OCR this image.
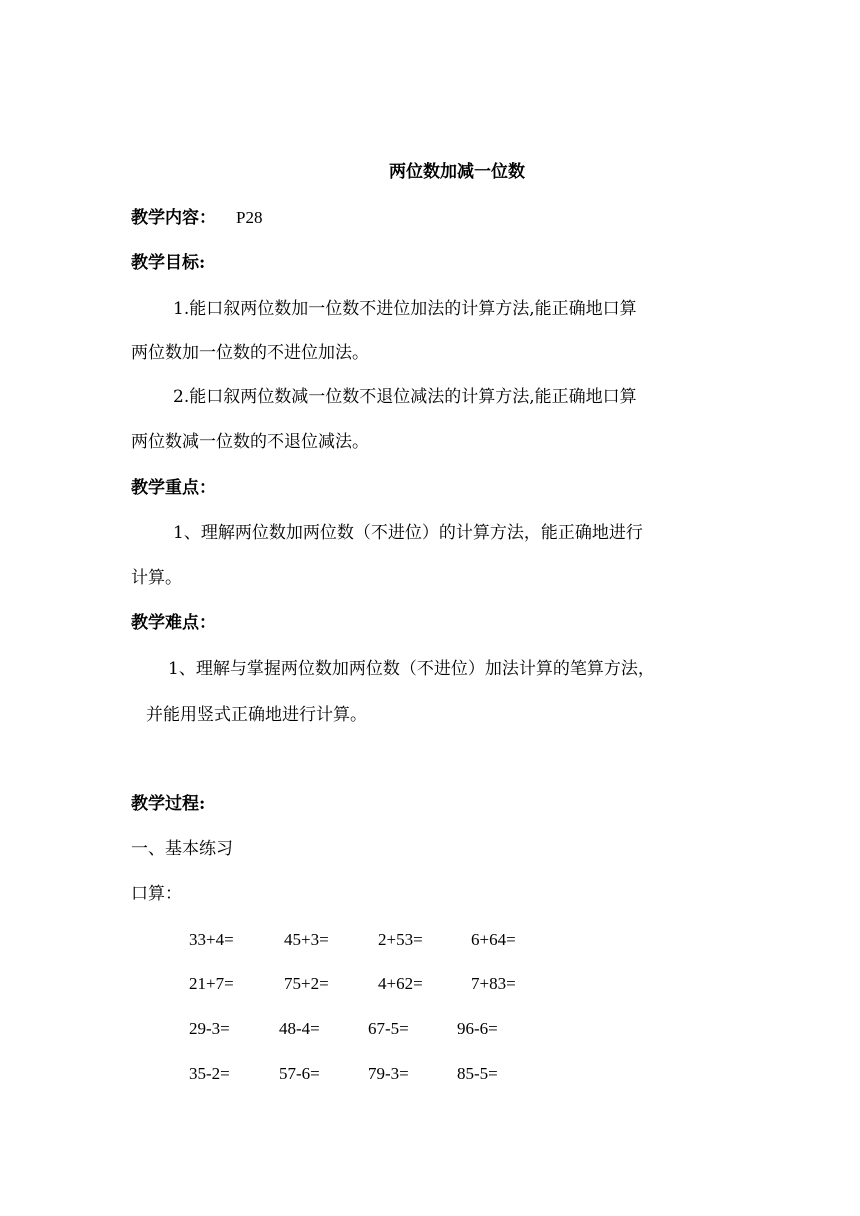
两位数加减一位数
教学内容： P28
教学目标:
1.能口叙两位数加一位数不进位加法的计算方法,能正确地口算
两位数加一位数的不进位加法。
2.能口叙两位数减一位数不退位减法的计算方法,能正确地口算
两位数减一位数的不退位减法。
教学重点：
1、理解两位数加两位数（不进位）的计算方法，能正确地进行
计算。
教学难点：
1、理解与掌握两位数加两位数（不进位）加法计算的笔算方法，
并能用竖式正确地进行计算。
教学过程:
一、基本练习
口算：
33+4=	45+3=	2+53=	6+64=
21+7=	75+2=	4+62=	7+83=
29-3=	48-4=	67-5=	96-6=
35-2=	57-6=	79-3=	85-5=
